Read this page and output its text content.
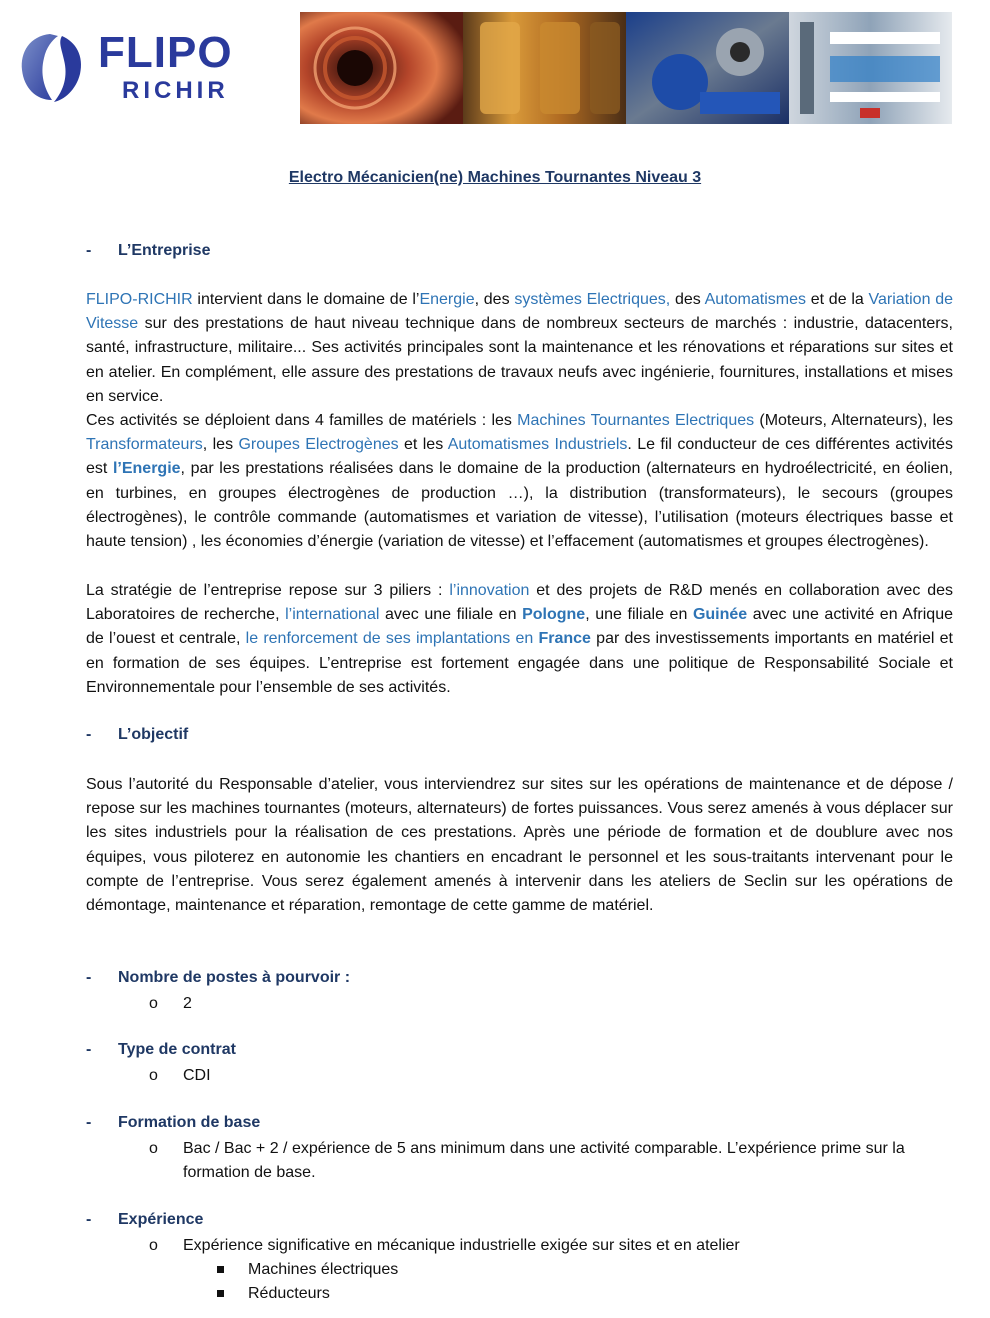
FLIPO
RICHIR
Electro Mécanicien(ne) Machines Tournantes Niveau 3
- L’Entreprise
FLIPO-RICHIR intervient dans le domaine de l’Energie, des systèmes Electriques, des Automatismes et de la Variation de Vitesse sur des prestations de haut niveau technique dans de nombreux secteurs de marchés : industrie, datacenters, santé, infrastructure, militaire... Ses activités principales sont la maintenance et les rénovations et réparations sur sites et en atelier. En complément, elle assure des prestations de travaux neufs avec ingénierie, fournitures, installations et mises en service.
Ces activités se déploient dans 4 familles de matériels : les Machines Tournantes Electriques (Moteurs, Alternateurs), les Transformateurs, les Groupes Electrogènes et les Automatismes Industriels. Le fil conducteur de ces différentes activités est l’Energie, par les prestations réalisées dans le domaine de la production (alternateurs en hydroélectricité, en éolien, en turbines, en groupes électrogènes de production …), la distribution (transformateurs), le secours (groupes électrogènes), le contrôle commande (automatismes et variation de vitesse), l’utilisation (moteurs électriques basse et haute tension) , les économies d’énergie (variation de vitesse) et l’effacement (automatismes et groupes électrogènes).
La stratégie de l’entreprise repose sur 3 piliers : l’innovation et des projets de R&D menés en collaboration avec des Laboratoires de recherche, l’international avec une filiale en Pologne, une filiale en Guinée avec une activité en Afrique de l’ouest et centrale, le renforcement de ses implantations en France par des investissements importants en matériel et en formation de ses équipes. L’entreprise est fortement engagée dans une politique de Responsabilité Sociale et Environnementale pour l’ensemble de ses activités.
- L’objectif
Sous l’autorité du Responsable d’atelier, vous interviendrez sur sites sur les opérations de maintenance et de dépose / repose sur les machines tournantes (moteurs, alternateurs) de fortes puissances. Vous serez amenés à vous déplacer sur les sites industriels pour la réalisation de ces prestations. Après une période de formation et de doublure avec nos équipes, vous piloterez en autonomie les chantiers en encadrant le personnel et les sous-traitants intervenant pour le compte de l’entreprise. Vous serez également amenés à intervenir dans les ateliers de Seclin sur les opérations de démontage, maintenance et réparation, remontage de cette gamme de matériel.
- Nombre de postes à pourvoir :
o 2
- Type de contrat
o CDI
- Formation de base
o Bac / Bac + 2 / expérience de 5 ans minimum dans une activité comparable. L’expérience prime sur la formation de base.
- Expérience
o Expérience significative en mécanique industrielle exigée sur sites et en atelier
Machines électriques
Réducteurs
